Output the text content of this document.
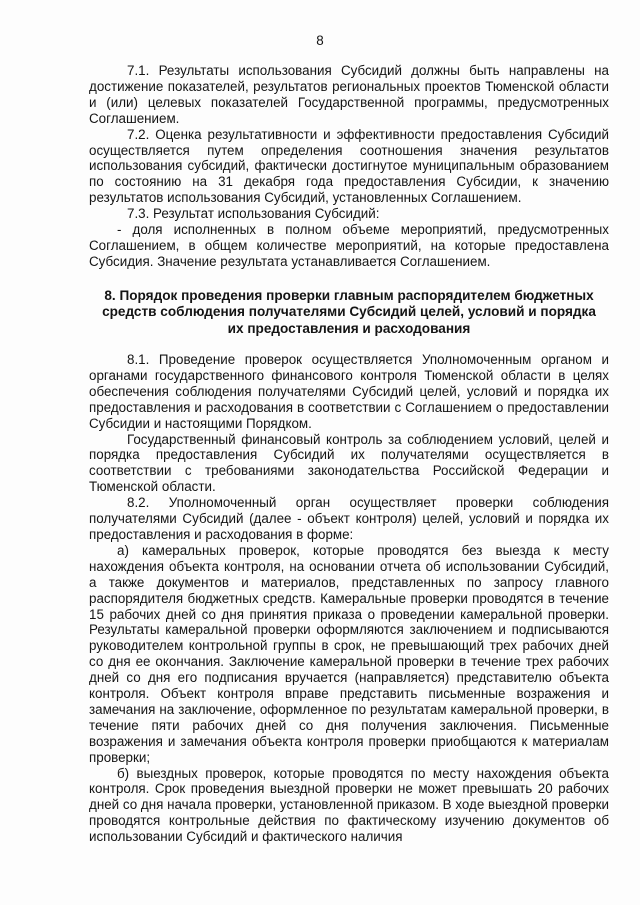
8

7.1. Результаты использования Субсидий должны быть направлены на достижение показателей, результатов региональных проектов Тюменской области и (или) целевых показателей Государственной программы, предусмотренных Соглашением.

7.2. Оценка результативности и эффективности предоставления Субсидий осуществляется путем определения соотношения значения результатов использования субсидий, фактически достигнутое муниципальным образованием по состоянию на 31 декабря года предоставления Субсидии, к значению результатов использования Субсидий, установленных Соглашением.

7.3. Результат использования Субсидий:

- доля исполненных в полном объеме мероприятий, предусмотренных Соглашением, в общем количестве мероприятий, на которые предоставлена Субсидия. Значение результата устанавливается Соглашением.

8. Порядок проведения проверки главным распорядителем бюджетных
средств соблюдения получателями Субсидий целей, условий и порядка
их предоставления и расходования

8.1. Проведение проверок осуществляется Уполномоченным органом и органами государственного финансового контроля Тюменской области в целях обеспечения соблюдения получателями Субсидий целей, условий и порядка их предоставления и расходования в соответствии с Соглашением о предоставлении Субсидии и настоящими Порядком.

Государственный финансовый контроль за соблюдением условий, целей и порядка предоставления Субсидий их получателями осуществляется в соответствии с требованиями законодательства Российской Федерации и Тюменской области.

8.2. Уполномоченный орган осуществляет проверки соблюдения получателями Субсидий (далее - объект контроля) целей, условий и порядка их предоставления и расходования в форме:

а) камеральных проверок, которые проводятся без выезда к месту нахождения объекта контроля, на основании отчета об использовании Субсидий, а также документов и материалов, представленных по запросу главного распорядителя бюджетных средств. Камеральные проверки проводятся в течение 15 рабочих дней со дня принятия приказа о проведении камеральной проверки. Результаты камеральной проверки оформляются заключением и подписываются руководителем контрольной группы в срок, не превышающий трех рабочих дней со дня ее окончания. Заключение камеральной проверки в течение трех рабочих дней со дня его подписания вручается (направляется) представителю объекта контроля. Объект контроля вправе представить письменные возражения и замечания на заключение, оформленное по результатам камеральной проверки, в течение пяти рабочих дней со дня получения заключения. Письменные возражения и замечания объекта контроля проверки приобщаются к материалам проверки;

б) выездных проверок, которые проводятся по месту нахождения объекта контроля. Срок проведения выездной проверки не может превышать 20 рабочих дней со дня начала проверки, установленной приказом. В ходе выездной проверки проводятся контрольные действия по фактическому изучению документов об использовании Субсидий и фактического наличия
